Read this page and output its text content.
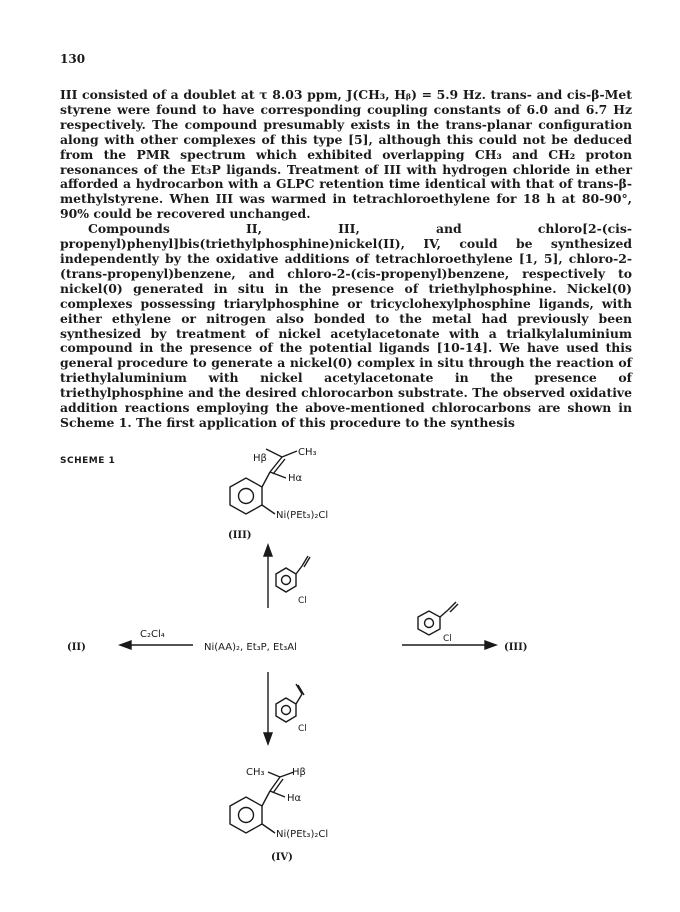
130

III consisted of a doublet at τ 8.03 ppm, J(CH₃, Hᵦ) = 5.9 Hz. trans- and cis-β-Met styrene were found to have corresponding coupling constants of 6.0 and 6.7 Hz respectively. The compound presumably exists in the trans-planar configuration along with other complexes of this type [5], although this could not be deduced from the PMR spectrum which exhibited overlapping CH₃ and CH₂ proton resonances of the Et₃P ligands. Treatment of III with hydrogen chloride in ether afforded a hydrocarbon with a GLPC retention time identical with that of trans-β-methylstyrene. When III was warmed in tetrachloroethylene for 18 h at 80-90°, 90% could be recovered unchanged.

Compounds II, III, and chloro[2-(cis-propenyl)phenyl]bis(triethylphosphine)nickel(II), IV, could be synthesized independently by the oxidative additions of tetrachloroethylene [1, 5], chloro-2-(trans-propenyl)benzene, and chloro-2-(cis-propenyl)benzene, respectively to nickel(0) generated in situ in the presence of triethylphosphine. Nickel(0) complexes possessing triarylphosphine or tricyclohexylphosphine ligands, with either ethylene or nitrogen also bonded to the metal had previously been synthesized by treatment of nickel acetylacetonate with a trialkylaluminium compound in the presence of the potential ligands [10-14]. We have used this general procedure to generate a nickel(0) complex in situ through the reaction of triethylaluminium with nickel acetylacetonate in the presence of triethylphosphine and the desired chlorocarbon substrate. The observed oxidative addition reactions employing the above-mentioned chlorocarbons are shown in Scheme 1. The first application of this procedure to the synthesis

SCHEME 1	Hβ
CH₃
Hα
Ni(PEt₃)₂Cl
(III)
Cl
(II)
C₂Cl₄
Ni(AA)₂, Et₃P, Et₃Al
Cl
(III)
Cl
CH₃	Hβ
Hα
Ni(PEt₃)₂Cl
(IV)
